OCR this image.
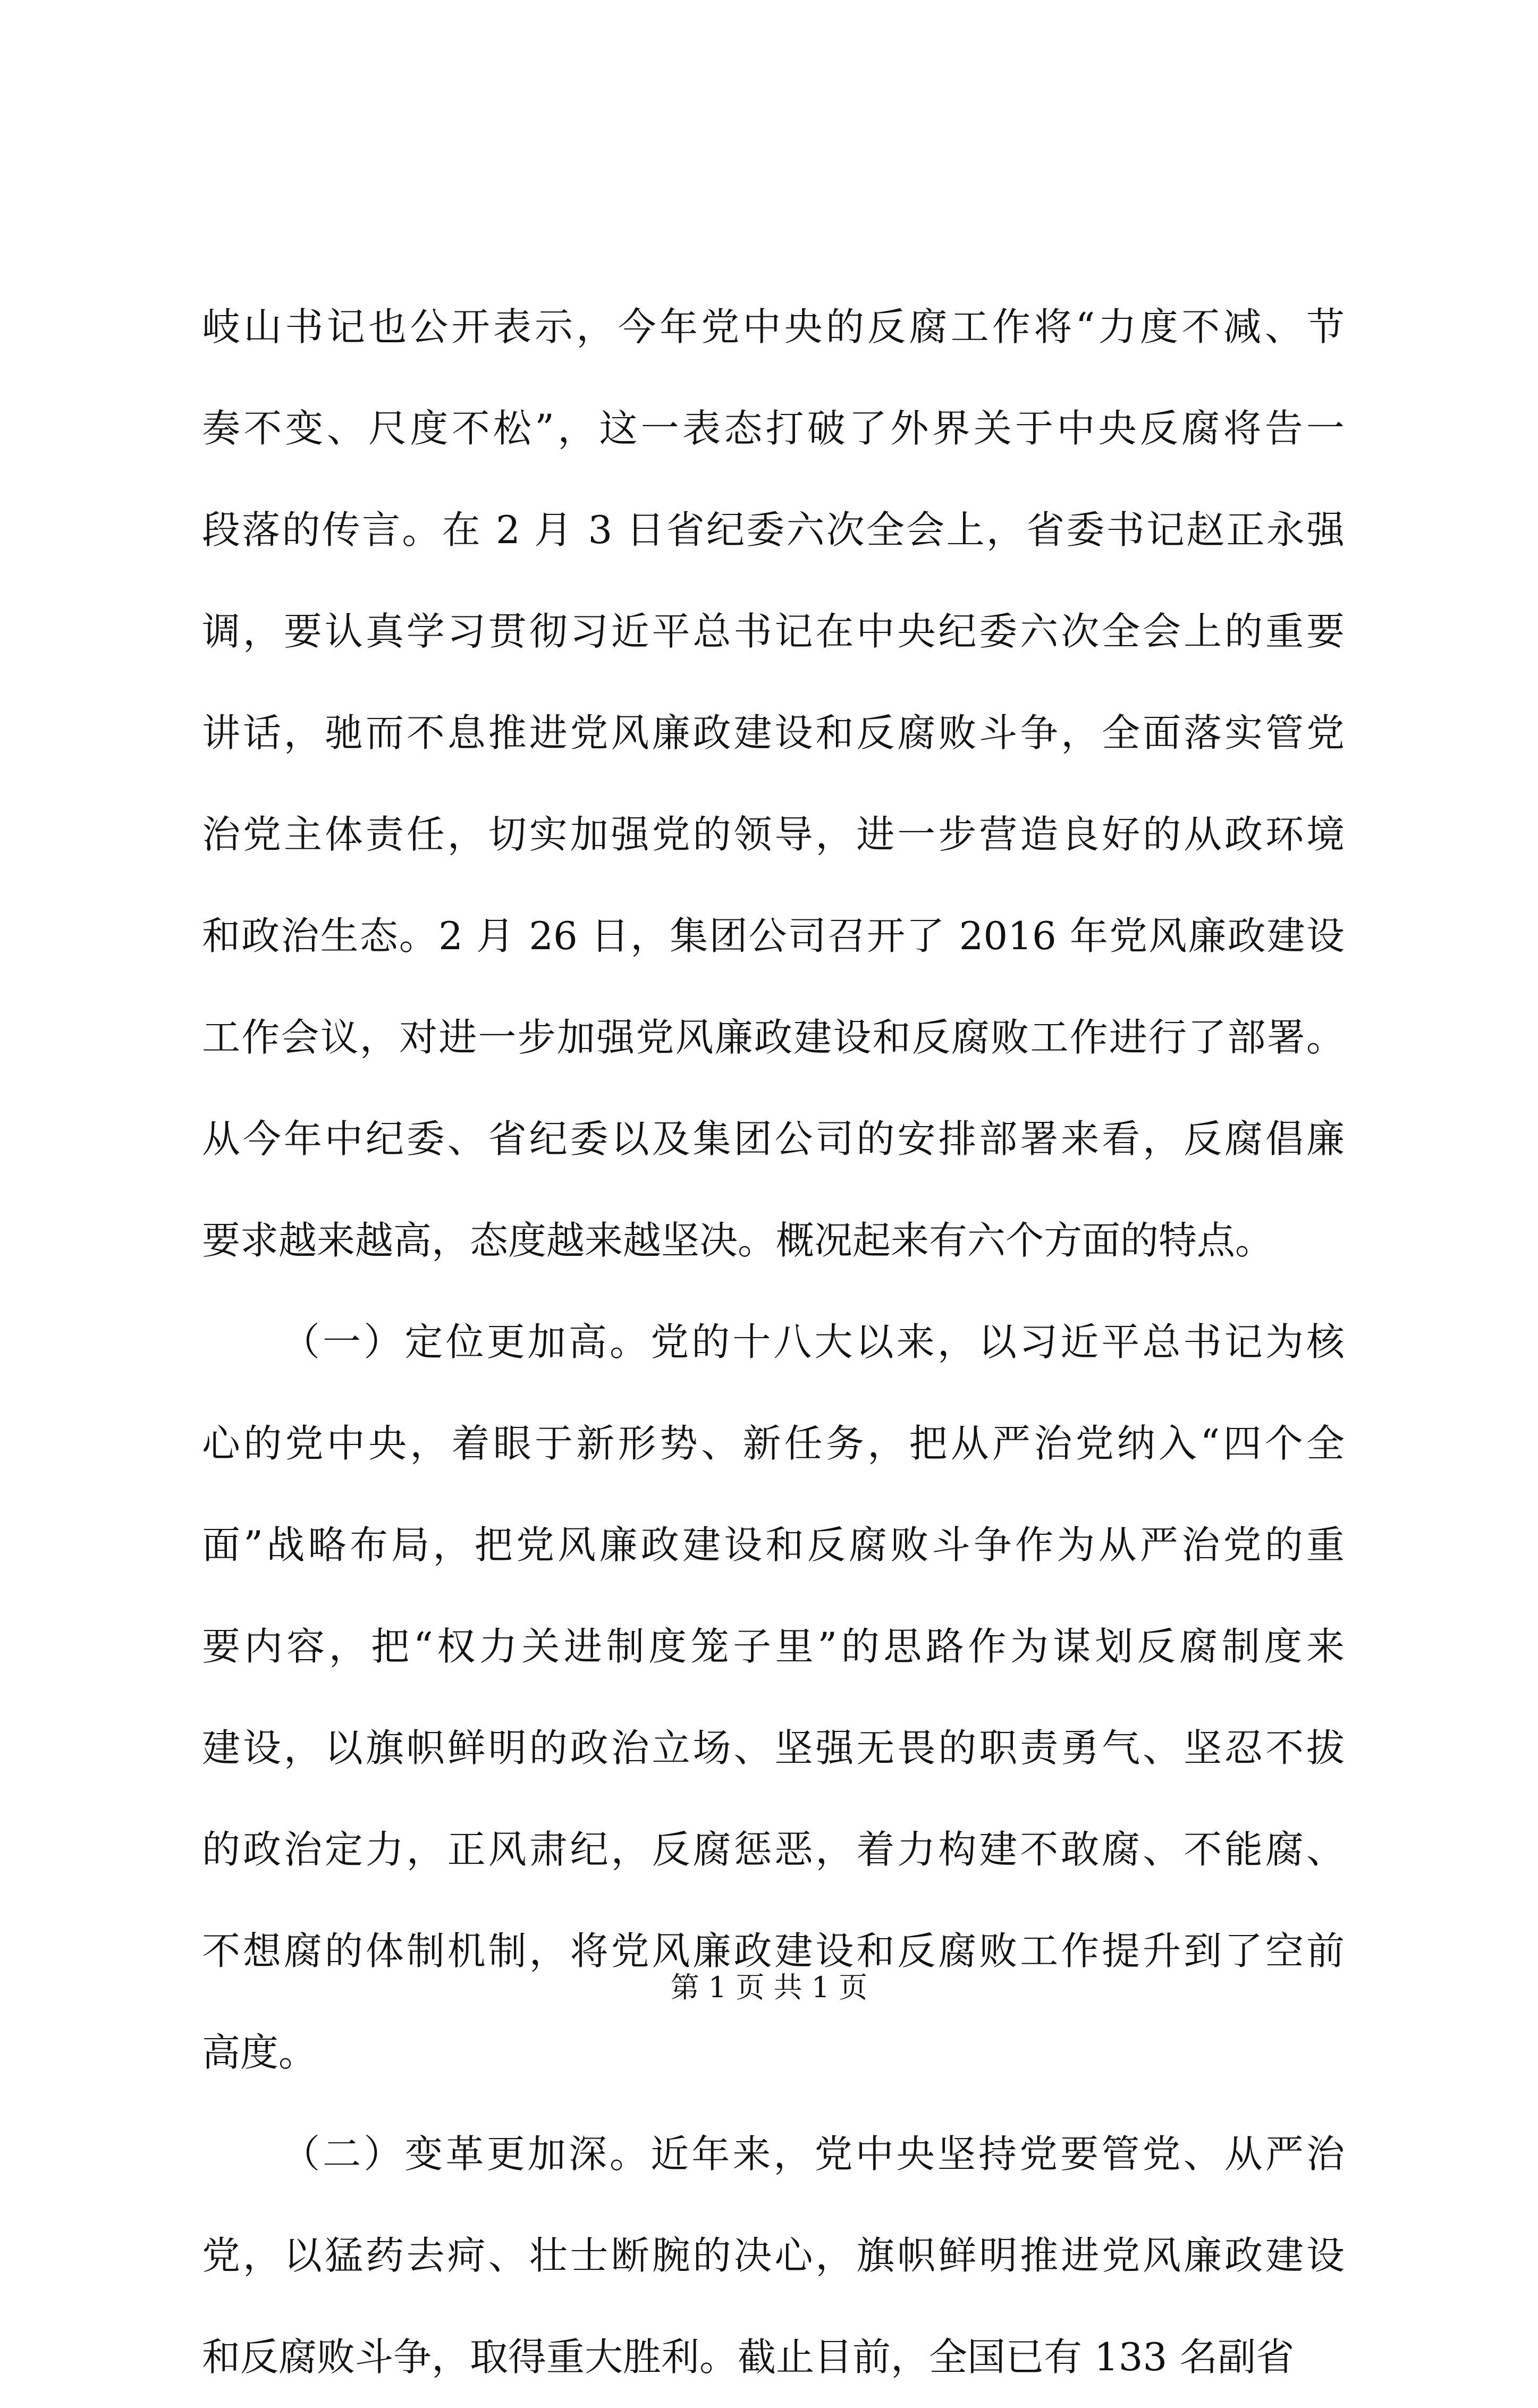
岐山书记也公开表示，今年党中央的反腐工作将“力度不减、节
奏不变、尺度不松”，这一表态打破了外界关于中央反腐将告一
段落的传言。在 2 月 3 日省纪委六次全会上，省委书记赵正永强
调，要认真学习贯彻习近平总书记在中央纪委六次全会上的重要
讲话，驰而不息推进党风廉政建设和反腐败斗争，全面落实管党
治党主体责任，切实加强党的领导，进一步营造良好的从政环境
和政治生态。2 月 26 日，集团公司召开了 2016 年党风廉政建设
工作会议，对进一步加强党风廉政建设和反腐败工作进行了部署。
从今年中纪委、省纪委以及集团公司的安排部署来看，反腐倡廉
要求越来越高，态度越来越坚决。概况起来有六个方面的特点。
（一）定位更加高。党的十八大以来，以习近平总书记为核
心的党中央，着眼于新形势、新任务，把从严治党纳入“四个全
面”战略布局，把党风廉政建设和反腐败斗争作为从严治党的重
要内容，把“权力关进制度笼子里”的思路作为谋划反腐制度来
建设，以旗帜鲜明的政治立场、坚强无畏的职责勇气、坚忍不拔
的政治定力，正风肃纪，反腐惩恶，着力构建不敢腐、不能腐、
不想腐的体制机制，将党风廉政建设和反腐败工作提升到了空前
高度。
（二）变革更加深。近年来，党中央坚持党要管党、从严治
党，以猛药去疴、壮士断腕的决心，旗帜鲜明推进党风廉政建设
和反腐败斗争，取得重大胜利。截止目前，全国已有 133 名副省
第 1 页 共 1 页
